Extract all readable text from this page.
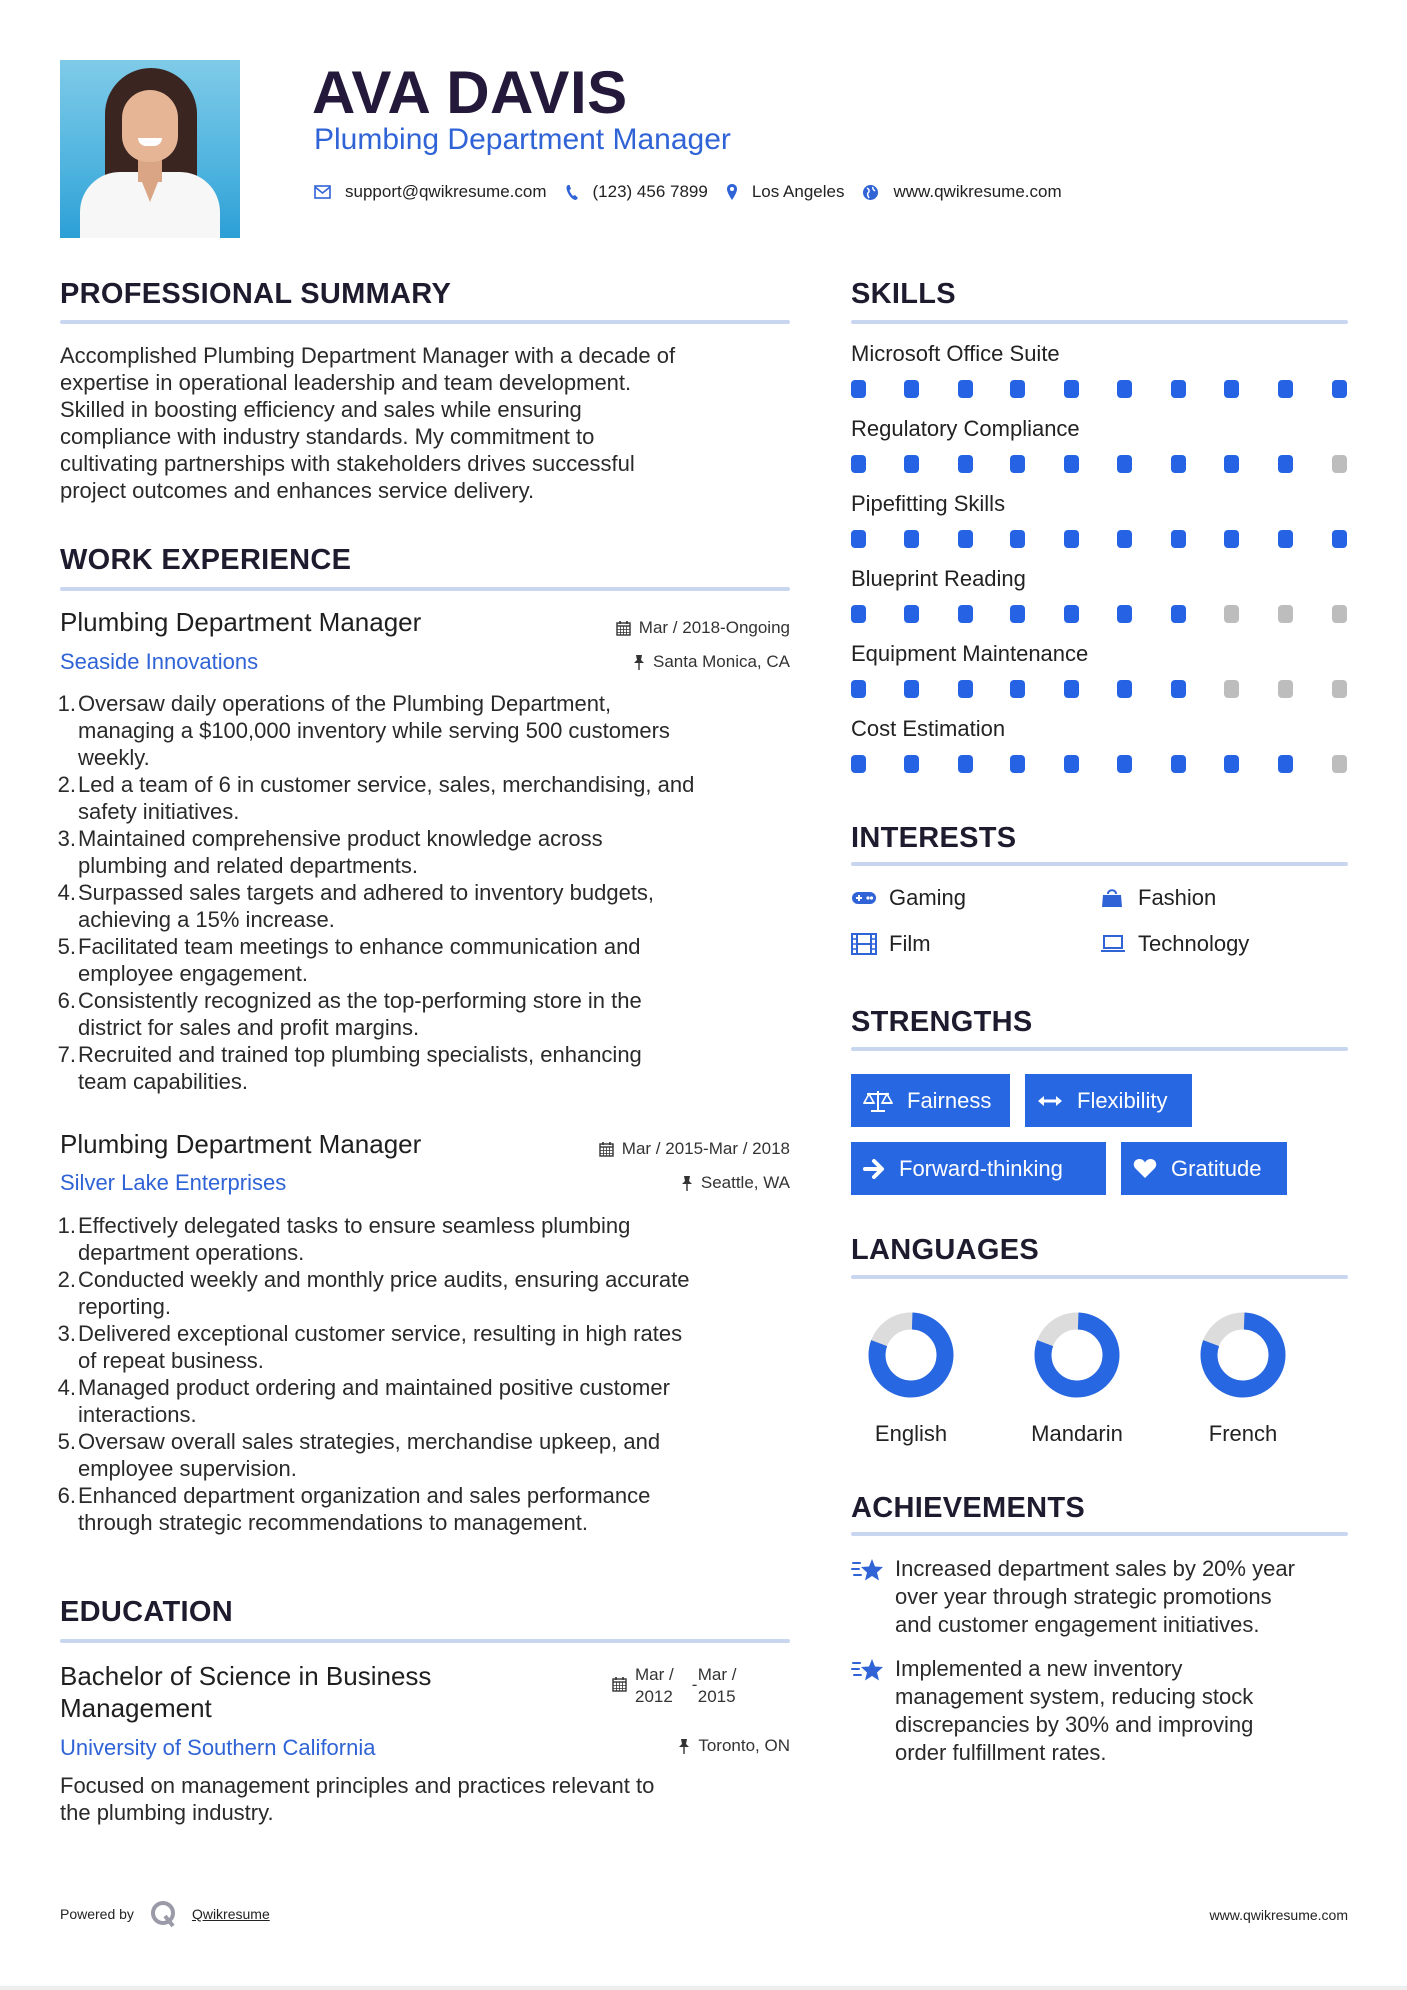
AVA DAVIS
Plumbing Department Manager
support@qwikresume.com	(123) 456 7899	Los Angeles	www.qwikresume.com
PROFESSIONAL SUMMARY
Accomplished Plumbing Department Manager with a decade of
expertise in operational leadership and team development.
Skilled in boosting efficiency and sales while ensuring
compliance with industry standards. My commitment to
cultivating partnerships with stakeholders drives successful
project outcomes and enhances service delivery.
WORK EXPERIENCE
Plumbing Department Manager	Mar / 2018-Ongoing
Seaside Innovations	Santa Monica, CA
1. Oversaw daily operations of the Plumbing Department,
managing a $100,000 inventory while serving 500 customers
weekly.
2. Led a team of 6 in customer service, sales, merchandising, and
safety initiatives.
3. Maintained comprehensive product knowledge across
plumbing and related departments.
4. Surpassed sales targets and adhered to inventory budgets,
achieving a 15% increase.
5. Facilitated team meetings to enhance communication and
employee engagement.
6. Consistently recognized as the top-performing store in the
district for sales and profit margins.
7. Recruited and trained top plumbing specialists, enhancing
team capabilities.
Plumbing Department Manager	Mar / 2015-Mar / 2018
Silver Lake Enterprises	Seattle, WA
1. Effectively delegated tasks to ensure seamless plumbing
department operations.
2. Conducted weekly and monthly price audits, ensuring accurate
reporting.
3. Delivered exceptional customer service, resulting in high rates
of repeat business.
4. Managed product ordering and maintained positive customer
interactions.
5. Oversaw overall sales strategies, merchandise upkeep, and
employee supervision.
6. Enhanced department organization and sales performance
through strategic recommendations to management.
EDUCATION
Bachelor of Science in Business
Management
Mar /
2012
-
Mar /
2015
University of Southern California	Toronto, ON
Focused on management principles and practices relevant to
the plumbing industry.
SKILLS
Microsoft Office Suite
Regulatory Compliance
Pipefitting Skills
Blueprint Reading
Equipment Maintenance
Cost Estimation
INTERESTS
Gaming	Fashion
Film	Technology
STRENGTHS
Fairness	Flexibility
Forward-thinking	Gratitude
LANGUAGES
English	Mandarin	French
ACHIEVEMENTS
Increased department sales by 20% year
over year through strategic promotions
and customer engagement initiatives.
Implemented a new inventory
management system, reducing stock
discrepancies by 30% and improving
order fulfillment rates.
Powered by	Qwikresume	www.qwikresume.com
